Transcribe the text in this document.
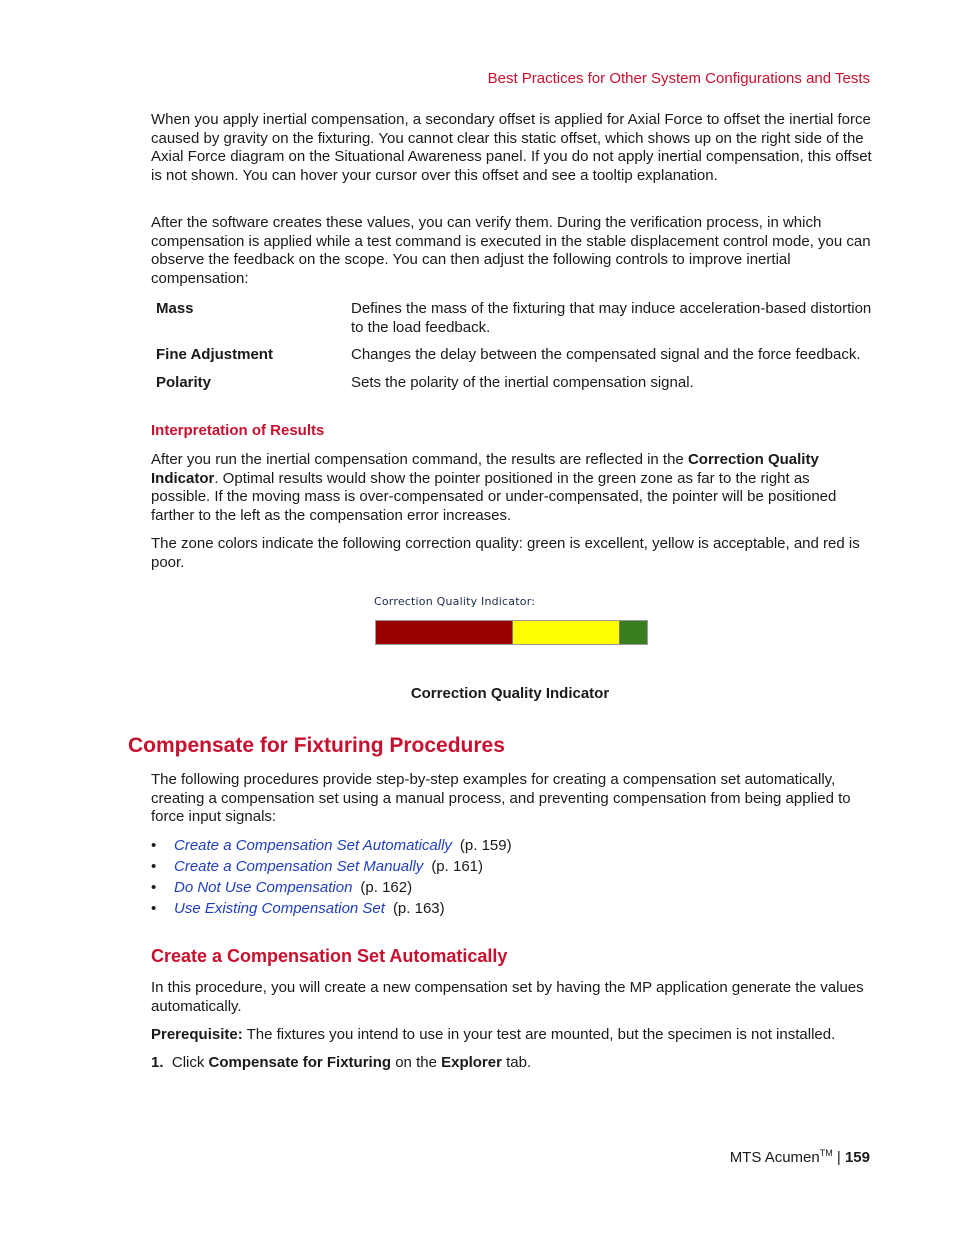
Best Practices for Other System Configurations and Tests
When you apply inertial compensation, a secondary offset is applied for Axial Force to offset the inertial force caused by gravity on the fixturing. You cannot clear this static offset, which shows up on the right side of the Axial Force diagram on the Situational Awareness panel. If you do not apply inertial compensation, this offset is not shown. You can hover your cursor over this offset and see a tooltip explanation.
After the software creates these values, you can verify them. During the verification process, in which compensation is applied while a test command is executed in the stable displacement control mode, you can observe the feedback on the scope. You can then adjust the following controls to improve inertial compensation:
Mass	Defines the mass of the fixturing that may induce acceleration-based distortion to the load feedback.
Fine Adjustment	Changes the delay between the compensated signal and the force feedback.
Polarity	Sets the polarity of the inertial compensation signal.
Interpretation of Results
After you run the inertial compensation command, the results are reflected in the Correction Quality Indicator. Optimal results would show the pointer positioned in the green zone as far to the right as possible. If the moving mass is over-compensated or under-compensated, the pointer will be positioned farther to the left as the compensation error increases.
The zone colors indicate the following correction quality: green is excellent, yellow is acceptable, and red is poor.
Correction Quality Indicator:
Correction Quality Indicator
Compensate for Fixturing Procedures
The following procedures provide step-by-step examples for creating a compensation set automatically, creating a compensation set using a manual process, and preventing compensation from being applied to force input signals:
•	Create a Compensation Set Automatically (p. 159)
•	Create a Compensation Set Manually (p. 161)
•	Do Not Use Compensation (p. 162)
•	Use Existing Compensation Set (p. 163)
Create a Compensation Set Automatically
In this procedure, you will create a new compensation set by having the MP application generate the values automatically.
Prerequisite: The fixtures you intend to use in your test are mounted, but the specimen is not installed.
1. Click Compensate for Fixturing on the Explorer tab.
MTS Acumen™ | 159
